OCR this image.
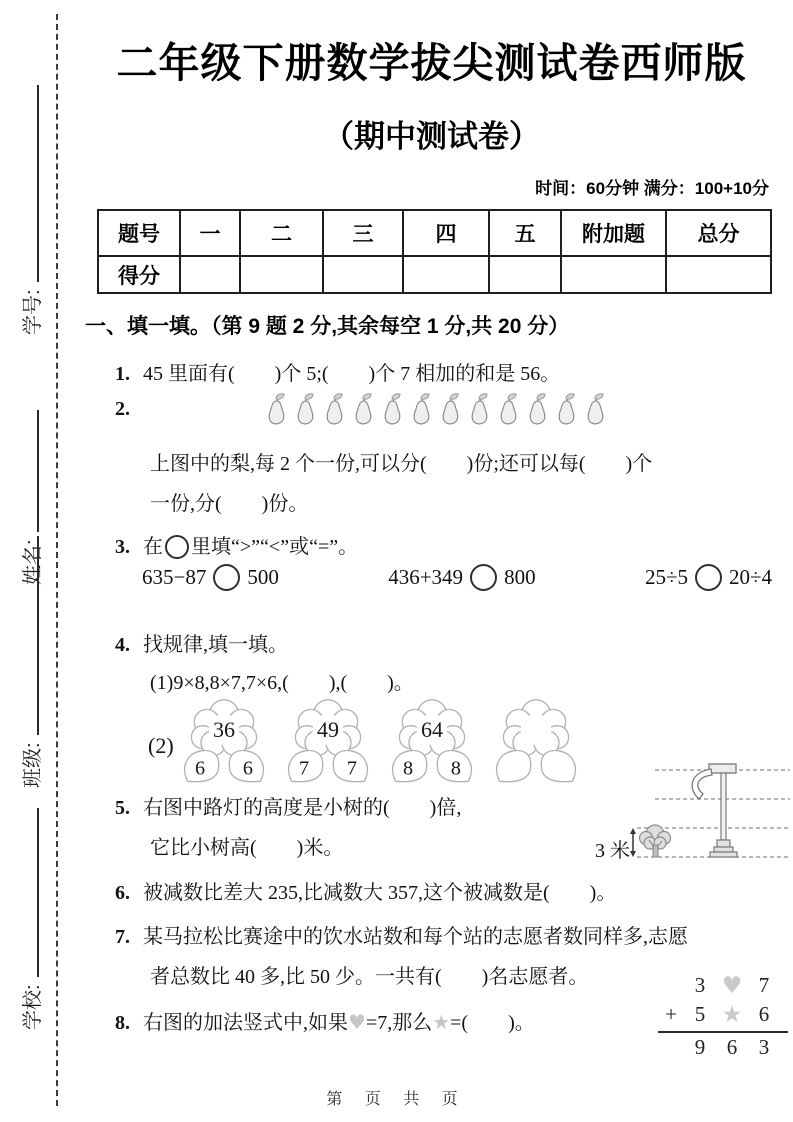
学号:
姓名:
班级:
学校:
二年级下册数学拔尖测试卷西师版
（期中测试卷）
时间：60分钟 满分：100+10分
题号	一	二	三	四	五	附加题	总分
得分							
一、填一填。（第 9 题 2 分,其余每空 1 分,共 20 分）
1. 45 里面有(　　)个 5;(　　)个 7 相加的和是 56。
2.
上图中的梨,每 2 个一份,可以分(　　)份;还可以每(　　)个
一份,分(　　)份。
3. 在 里填“>”“<”或“=”。
635−87 500	436+349 800	25÷5 20÷4
4. 找规律,填一填。
(1)9×8,8×7,7×6,(　　),(　　)。
(2)
36
6 6
49
7 7
64
8 8
5. 右图中路灯的高度是小树的(　　)倍,
它比小树高(　　)米。	3 米
6. 被减数比差大 235,比减数大 357,这个被减数是(　　)。
7. 某马拉松比赛途中的饮水站数和每个站的志愿者数同样多,志愿
者总数比 40 多,比 50 少。一共有(　　)名志愿者。
8. 右图的加法竖式中,如果♥=7,那么★=(　　)。
3 ♥ 7
+ 5 ★ 6
9	6	3
第 页 共 页
